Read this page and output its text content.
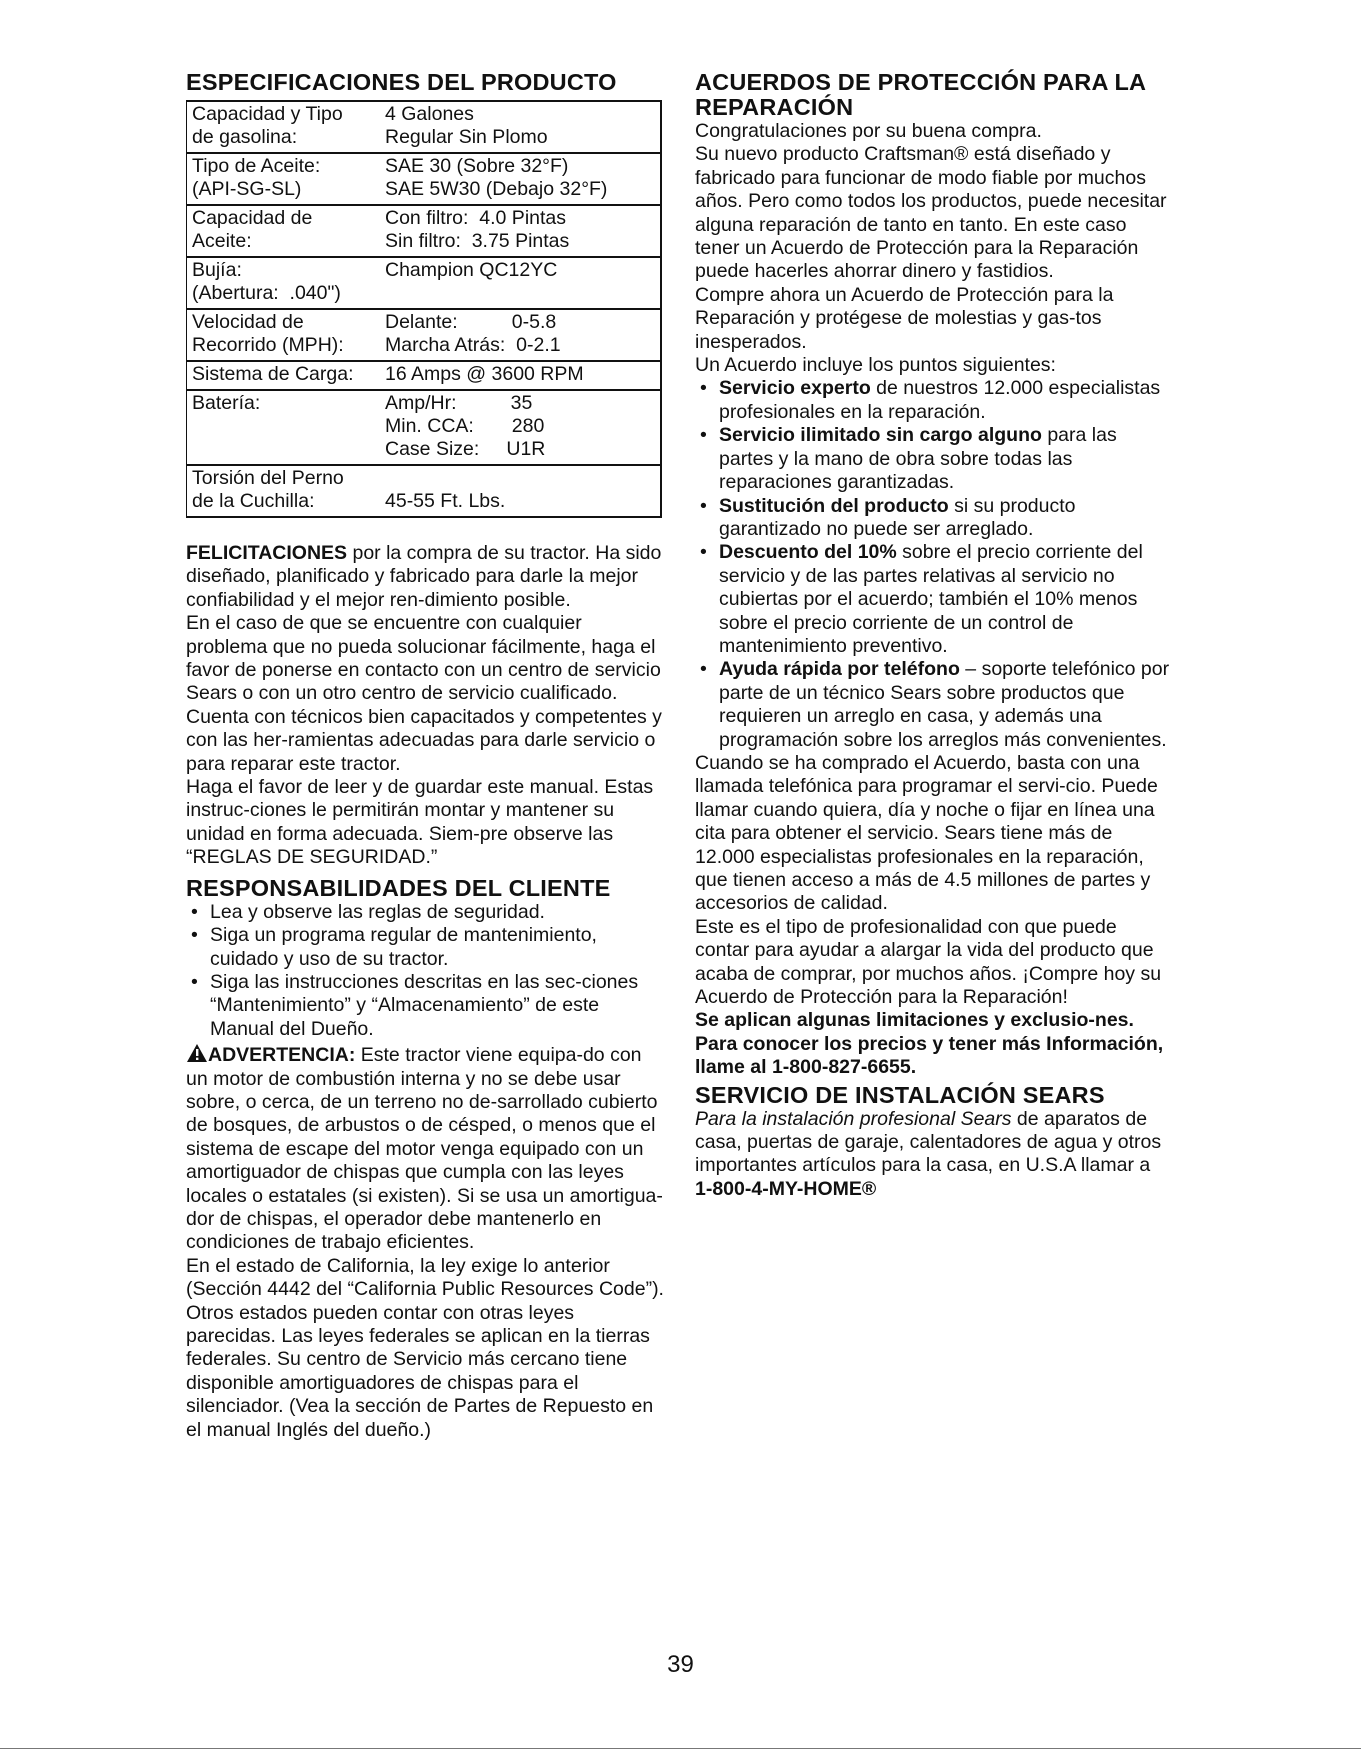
ESPECIFICACIONES DEL PRODUCTO
Capacidad y Tipo
de gasolina:	4 Galones
Regular Sin Plomo

Tipo de Aceite:
(API-SG-SL)	SAE 30 (Sobre 32°F)
SAE 5W30 (Debajo 32°F)

Capacidad de
Aceite:	Con filtro:  4.0 Pintas
Sin filtro:  3.75 Pintas

Bujía:
(Abertura:  .040")	Champion QC12YC

Velocidad de
Recorrido (MPH):	Delante:          0-5.8
Marcha Atrás:  0-2.1

Sistema de Carga:	16 Amps @ 3600 RPM

Batería:	Amp/Hr:          35
Min. CCA:       280
Case Size:     U1R

Torsión del Perno
de la Cuchilla:	45-55 Ft. Lbs.

FELICITACIONES por la compra de su tractor. Ha sido diseñado, planificado y fabricado para darle la mejor confiabilidad y el mejor ren-dimiento posible.

En el caso de que se encuentre con cualquier problema que no pueda solucionar fácilmente, haga el favor de ponerse en contacto con un centro de servicio Sears o con un otro centro de servicio cualificado. Cuenta con técnicos bien capacitados y competentes y con las her-ramientas adecuadas para darle servicio o para reparar este tractor.

Haga el favor de leer y de guardar este manual. Estas instruc-ciones le permitirán montar y mantener su unidad en forma adecuada. Siem-pre observe las “REGLAS DE SEGURIDAD.”

RESPONSABILIDADES DEL CLIENTE
• Lea y observe las reglas de seguridad.
• Siga un programa regular de mantenimiento, cuidado y uso de su tractor.
• Siga las instrucciones descritas en las sec-ciones “Mantenimiento” y “Almacenamiento” de este Manual del Dueño.

ADVERTENCIA: Este tractor viene equipa-do con un motor de combustión interna y no se debe usar sobre, o cerca, de un terreno no de-sarrollado cubierto de bosques, de arbustos o de césped, o menos que el sistema de escape del motor venga equipado con un amortiguador de chispas que cumpla con las leyes locales o estatales (si existen). Si se usa un amortigua-dor de chispas, el operador debe mantenerlo en condiciones de trabajo eficientes.

En el estado de California, la ley exige lo anterior (Sección 4442 del “California Public Resources Code”). Otros estados pueden contar con otras leyes parecidas. Las leyes federales se aplican en la tierras federales. Su centro de Servicio más cercano tiene disponible amortiguadores de chispas para el silenciador. (Vea la sección de Partes de Repuesto en el manual Inglés del dueño.)

ACUERDOS DE PROTECCIÓN PARA LA REPARACIÓN

Congratulaciones por su buena compra.

Su nuevo producto Craftsman® está diseñado y fabricado para funcionar de modo fiable por muchos años. Pero como todos los productos, puede necesitar alguna reparación de tanto en tanto. En este caso tener un Acuerdo de Protección para la Reparación puede hacerles ahorrar dinero y fastidios.

Compre ahora un Acuerdo de Protección para la Reparación y protégese de molestias y gas-tos inesperados.

Un Acuerdo incluye los puntos siguientes:

• Servicio experto de nuestros 12.000 especialistas profesionales en la reparación.
• Servicio ilimitado sin cargo alguno para las partes y la mano de obra sobre todas las reparaciones garantizadas.
• Sustitución del producto si su producto garantizado no puede ser arreglado.
• Descuento del 10% sobre el precio corriente del servicio y de las partes relativas al servicio no cubiertas por el acuerdo; también el 10% menos sobre el precio corriente de un control de mantenimiento preventivo.
• Ayuda rápida por teléfono – soporte telefónico por parte de un técnico Sears sobre productos que requieren un arreglo en casa, y además una programación sobre los arreglos más convenientes.

Cuando se ha comprado el Acuerdo, basta con una llamada telefónica para programar el servi-cio. Puede llamar cuando quiera, día y noche o fijar en línea una cita para obtener el servicio. Sears tiene más de 12.000 especialistas profesionales en la reparación, que tienen acceso a más de 4.5 millones de partes y accesorios de calidad.

Este es el tipo de profesionalidad con que puede contar para ayudar a alargar la vida del producto que acaba de comprar, por muchos años. ¡Compre hoy su Acuerdo de Protección para la Reparación!

Se aplican algunas limitaciones y exclusio-nes. Para conocer los precios y tener más Información, llame al 1-800-827-6655.

SERVICIO DE INSTALACIÓN SEARS

Para la instalación profesional Sears de aparatos de casa, puertas de garaje, calentadores de agua y otros importantes artículos para la casa, en U.S.A llamar a

1-800-4-MY-HOME®

39
